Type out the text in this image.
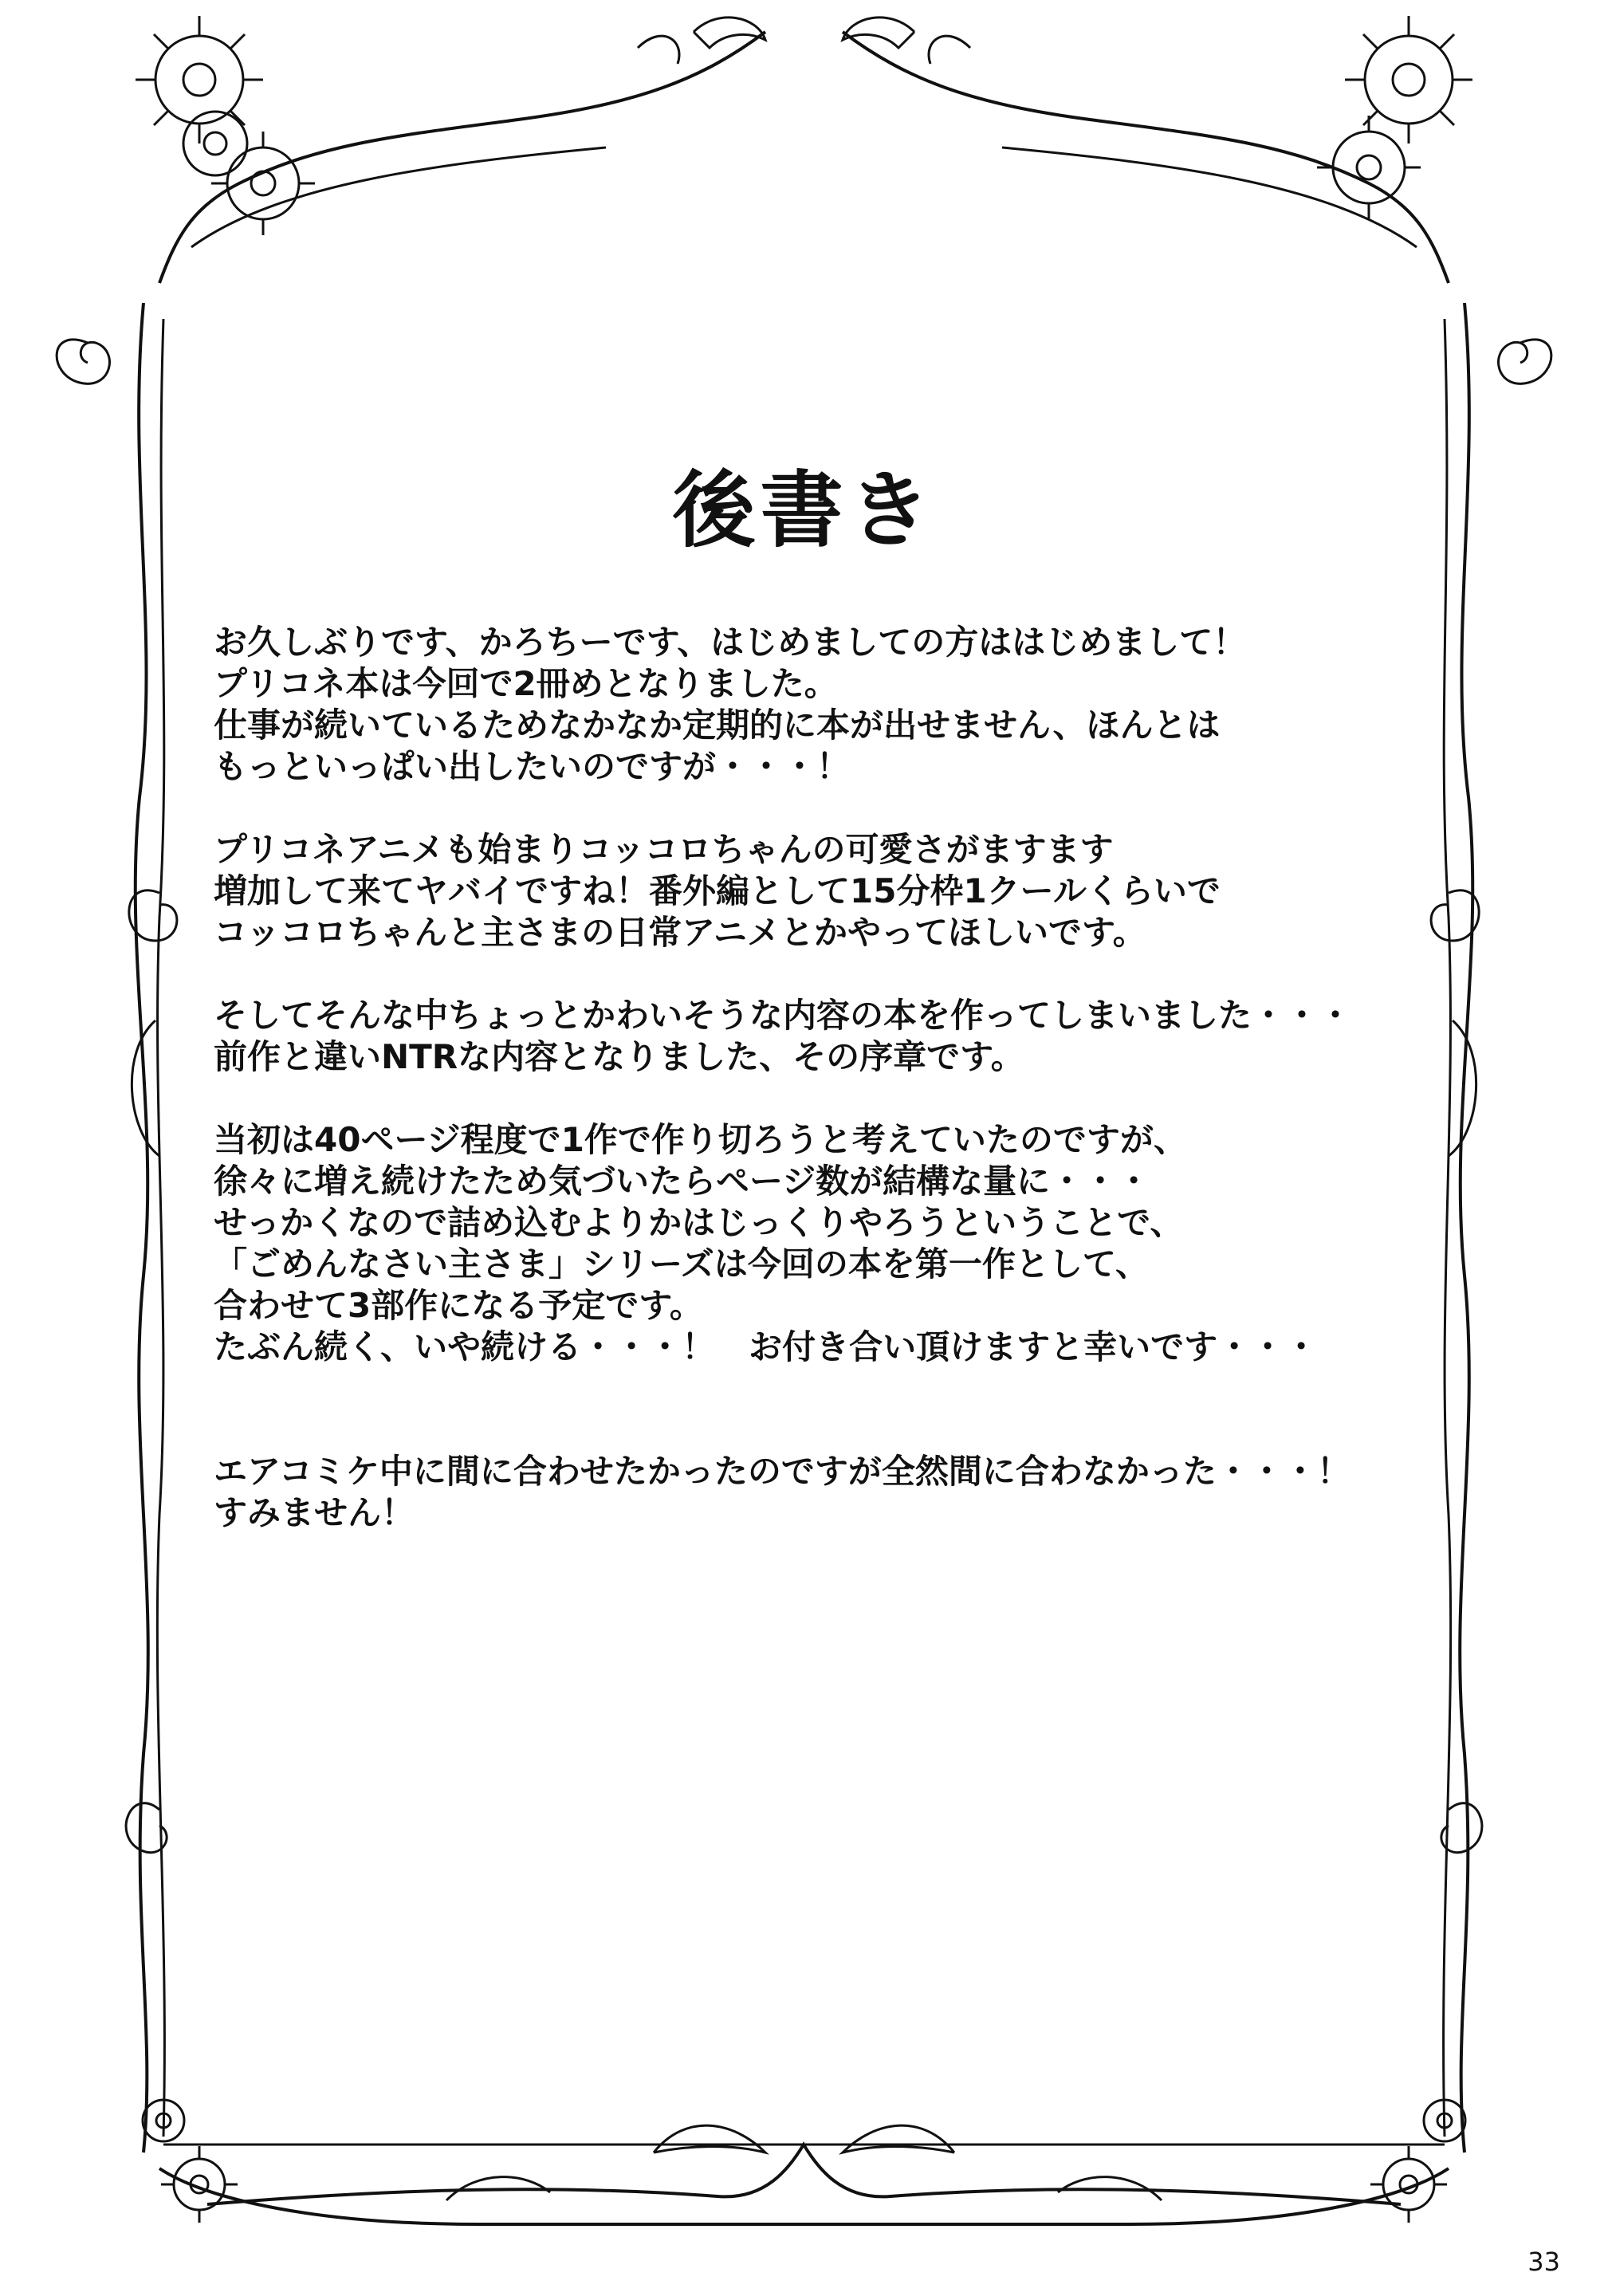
後書き
お久しぶりです、かろちーです、はじめましての方ははじめまして！
プリコネ本は今回で2冊めとなりました。
仕事が続いているためなかなか定期的に本が出せません、ほんとは
もっといっぱい出したいのですが・・・！
プリコネアニメも始まりコッコロちゃんの可愛さがますます
増加して来てヤバイですね！番外編として15分枠1クールくらいで
コッコロちゃんと主さまの日常アニメとかやってほしいです。
そしてそんな中ちょっとかわいそうな内容の本を作ってしまいました・・・
前作と違いNTRな内容となりました、その序章です。
当初は40ページ程度で1作で作り切ろうと考えていたのですが、
徐々に増え続けたため気づいたらページ数が結構な量に・・・
せっかくなので詰め込むよりかはじっくりやろうということで、
「ごめんなさい主さま」シリーズは今回の本を第一作として、
合わせて3部作になる予定です。
たぶん続く、いや続ける・・・！　お付き合い頂けますと幸いです・・・
エアコミケ中に間に合わせたかったのですが全然間に合わなかった・・・！
すみません！
33
